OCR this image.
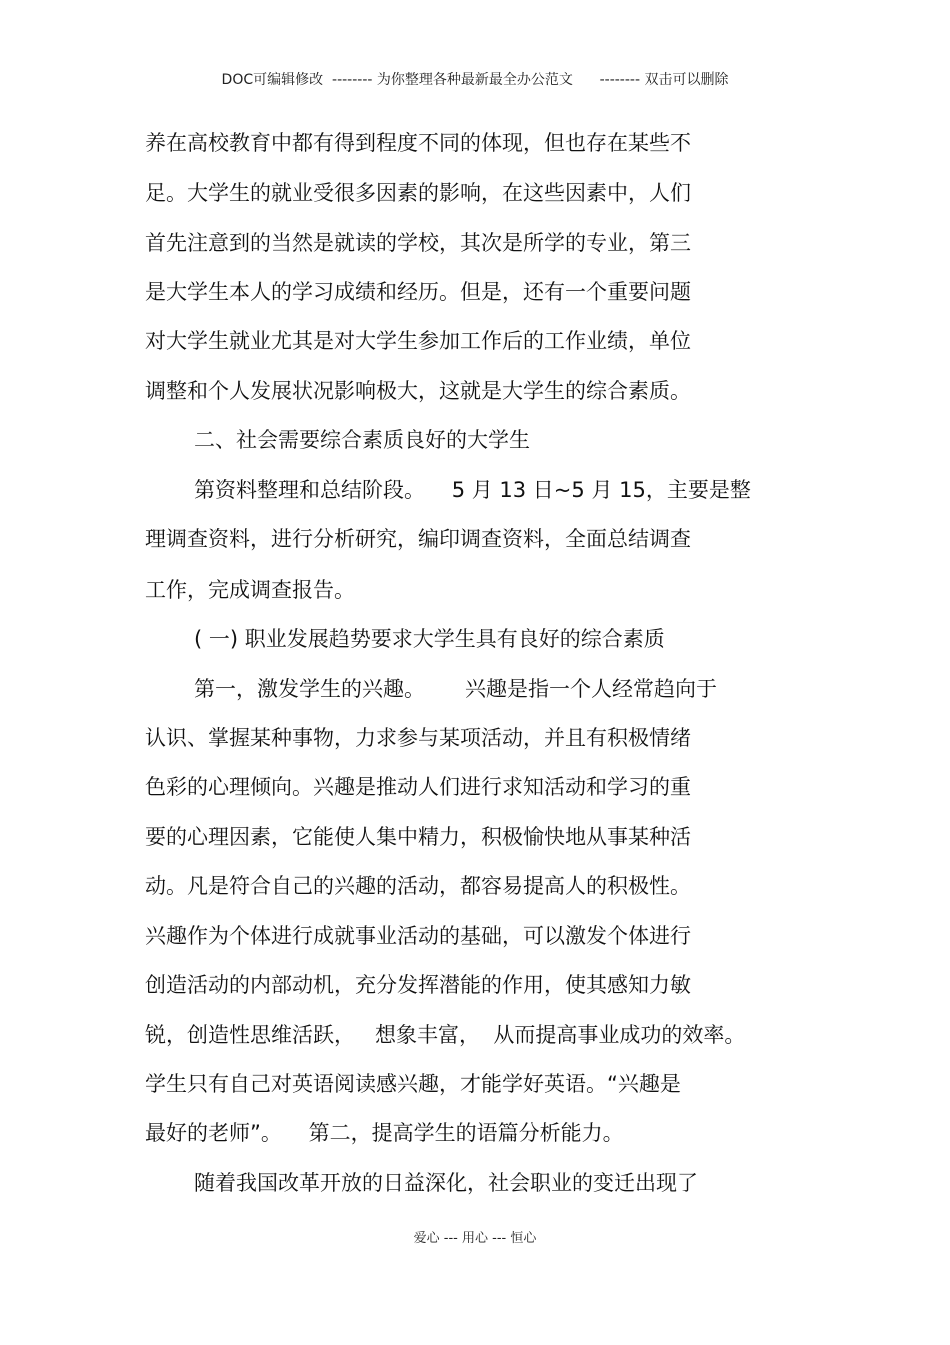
DOC可编辑修改  -------- 为你整理各种最新最全办公范文      -------- 双击可以删除
养在高校教育中都有得到程度不同的体现，但也存在某些不
足。大学生的就业受很多因素的影响，在这些因素中，人们
首先注意到的当然是就读的学校，其次是所学的专业，第三
是大学生本人的学习成绩和经历。但是，还有一个重要问题
对大学生就业尤其是对大学生参加工作后的工作业绩，单位
调整和个人发展状况影响极大，这就是大学生的综合素质。
二、社会需要综合素质良好的大学生
第资料整理和总结阶段。    5 月 13 日~5 月 15，主要是整
理调查资料，进行分析研究，编印调查资料，全面总结调查
工作，完成调查报告。
( 一) 职业发展趋势要求大学生具有良好的综合素质
第一，激发学生的兴趣。      兴趣是指一个人经常趋向于
认识、掌握某种事物，力求参与某项活动，并且有积极情绪
色彩的心理倾向。兴趣是推动人们进行求知活动和学习的重
要的心理因素，它能使人集中精力，积极愉快地从事某种活
动。凡是符合自己的兴趣的活动，都容易提高人的积极性。
兴趣作为个体进行成就事业活动的基础，可以激发个体进行
创造活动的内部动机，充分发挥潜能的作用，使其感知力敏
锐，创造性思维活跃，   想象丰富，  从而提高事业成功的效率。
学生只有自己对英语阅读感兴趣，才能学好英语。“兴趣是
最好的老师”。    第二，提高学生的语篇分析能力。
随着我国改革开放的日益深化，社会职业的变迁出现了
爱心 --- 用心 --- 恒心
